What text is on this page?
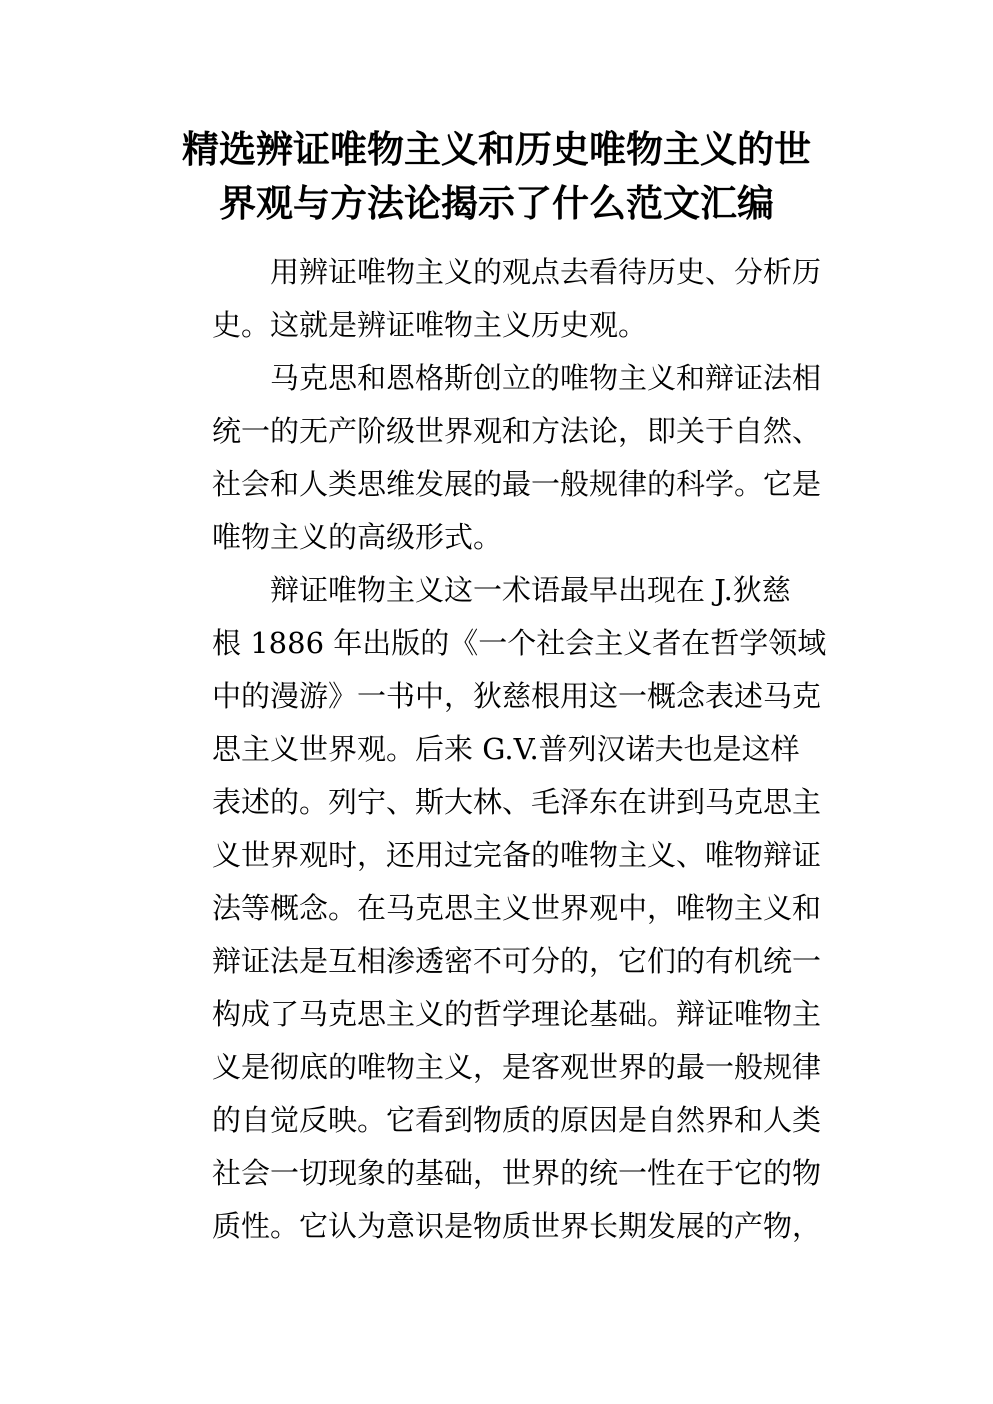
精选辨证唯物主义和历史唯物主义的世
界观与方法论揭示了什么范文汇编
用辨证唯物主义的观点去看待历史、分析历
史。这就是辨证唯物主义历史观。
马克思和恩格斯创立的唯物主义和辩证法相
统一的无产阶级世界观和方法论，即关于自然、
社会和人类思维发展的最一般规律的科学。它是
唯物主义的高级形式。
辩证唯物主义这一术语最早出现在 J.狄慈
根 1886 年出版的《一个社会主义者在哲学领域
中的漫游》一书中，狄慈根用这一概念表述马克
思主义世界观。后来 G.V.普列汉诺夫也是这样
表述的。列宁、斯大林、毛泽东在讲到马克思主
义世界观时，还用过完备的唯物主义、唯物辩证
法等概念。在马克思主义世界观中，唯物主义和
辩证法是互相渗透密不可分的，它们的有机统一
构成了马克思主义的哲学理论基础。辩证唯物主
义是彻底的唯物主义，是客观世界的最一般规律
的自觉反映。它看到物质的原因是自然界和人类
社会一切现象的基础，世界的统一性在于它的物
质性。它认为意识是物质世界长期发展的产物，
